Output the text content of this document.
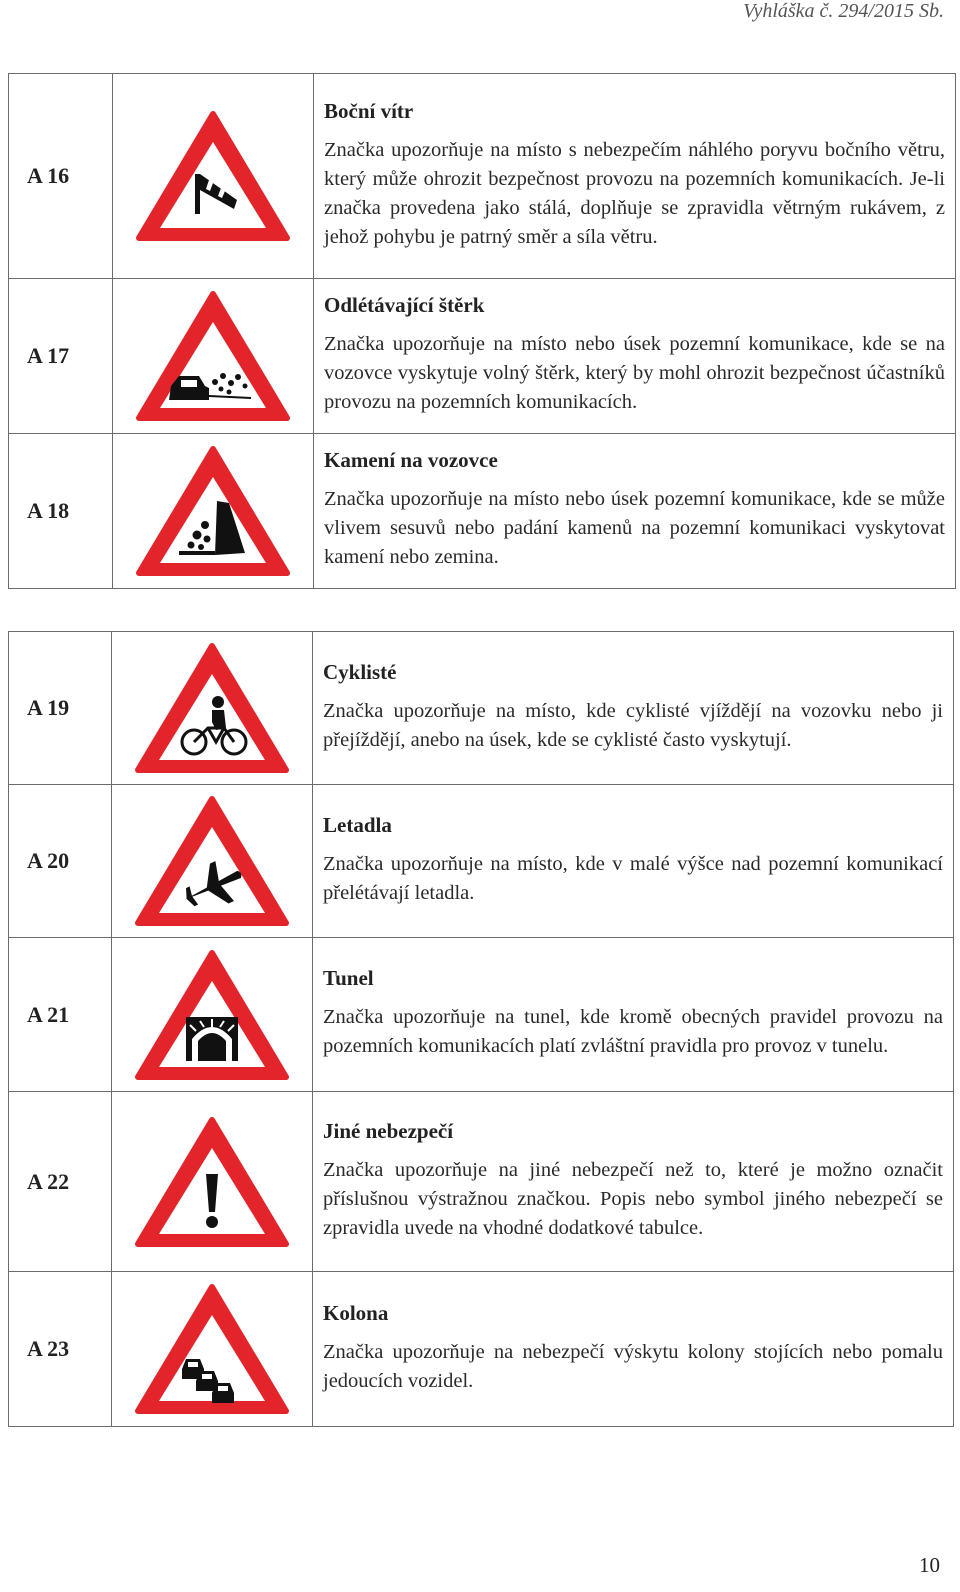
Vyhláška č. 294/2015 Sb.
A 16		Boční vítr

Značka upozorňuje na místo s nebezpečím náhlého poryvu bočního větru, který může ohrozit bezpečnost provozu na pozemních komunikacích. Je-li značka provedena jako stálá, doplňuje se zpravidla větrným rukávem, z jehož pohybu je patrný směr a síla větru.

A 17		Odlétávající štěrk

Značka upozorňuje na místo nebo úsek pozemní komunikace, kde se na vozovce vyskytuje volný štěrk, který by mohl ohrozit bezpečnost účastníků provozu na pozemních komunikacích.

A 18		Kamení na vozovce

Značka upozorňuje na místo nebo úsek pozemní komunikace, kde se může vlivem sesuvů nebo padání kamenů na pozemní komunikaci vyskytovat kamení nebo zemina.

A 19		Cyklisté

Značka upozorňuje na místo, kde cyklisté vjíždějí na vozovku nebo ji přejíždějí, anebo na úsek, kde se cyklisté často vyskytují.

A 20		Letadla

Značka upozorňuje na místo, kde v malé výšce nad pozemní komunikací přelétávají letadla.

A 21		Tunel

Značka upozorňuje na tunel, kde kromě obecných pravidel provozu na pozemních komunikacích platí zvláštní pravidla pro provoz v tunelu.

A 22		Jiné nebezpečí

Značka upozorňuje na jiné nebezpečí než to, které je možno označit příslušnou výstražnou značkou. Popis nebo symbol jiného nebezpečí se zpravidla uvede na vhodné dodatkové tabulce.

A 23		Kolona

Značka upozorňuje na nebezpečí výskytu kolony stojících nebo pomalu jedoucích vozidel.

10
